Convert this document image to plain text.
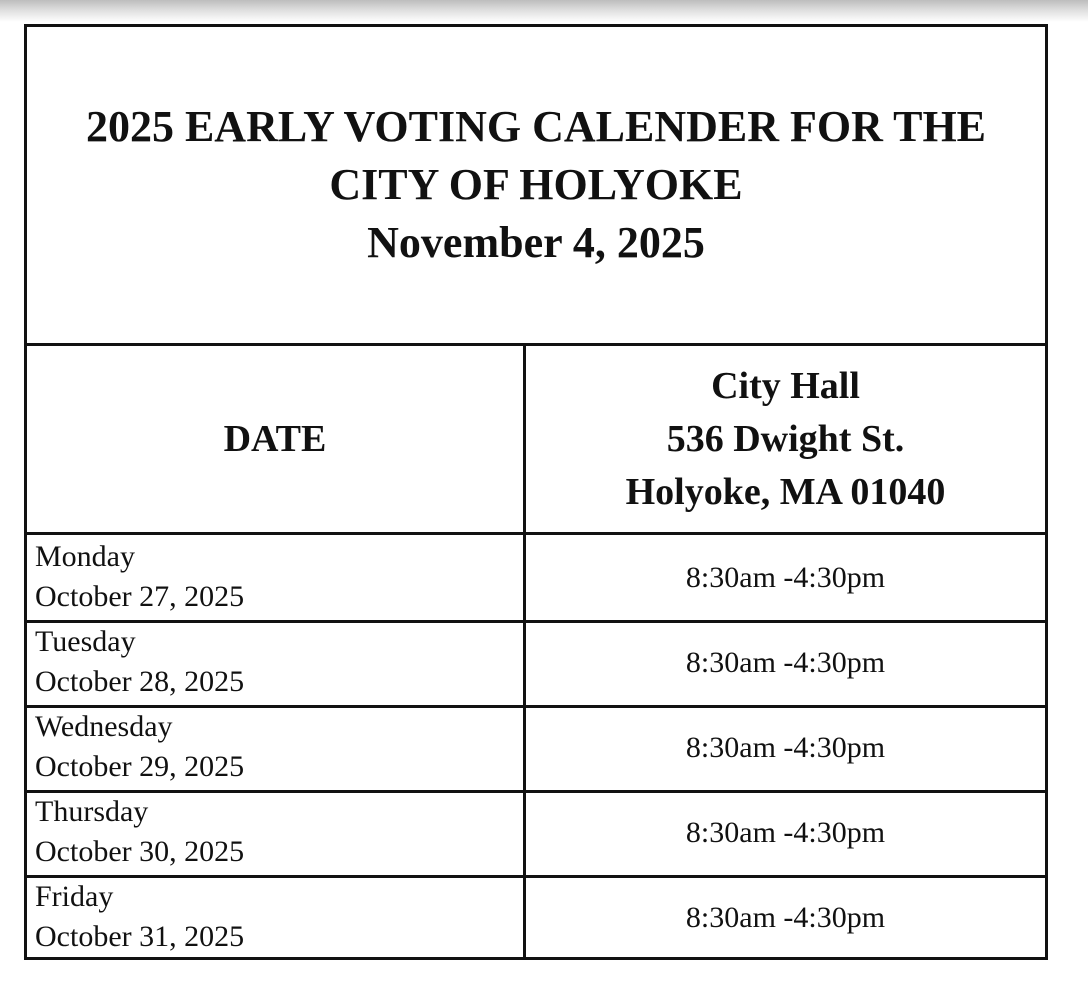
2025 EARLY VOTING CALENDER FOR THE
CITY OF HOLYOKE
November 4, 2025
DATE
City Hall
536 Dwight St.
Holyoke, MA 01040
Monday
October 27, 2025
8:30am -4:30pm
Tuesday
October 28, 2025
8:30am -4:30pm
Wednesday
October 29, 2025
8:30am -4:30pm
Thursday
October 30, 2025
8:30am -4:30pm
Friday
October 31, 2025
8:30am -4:30pm
